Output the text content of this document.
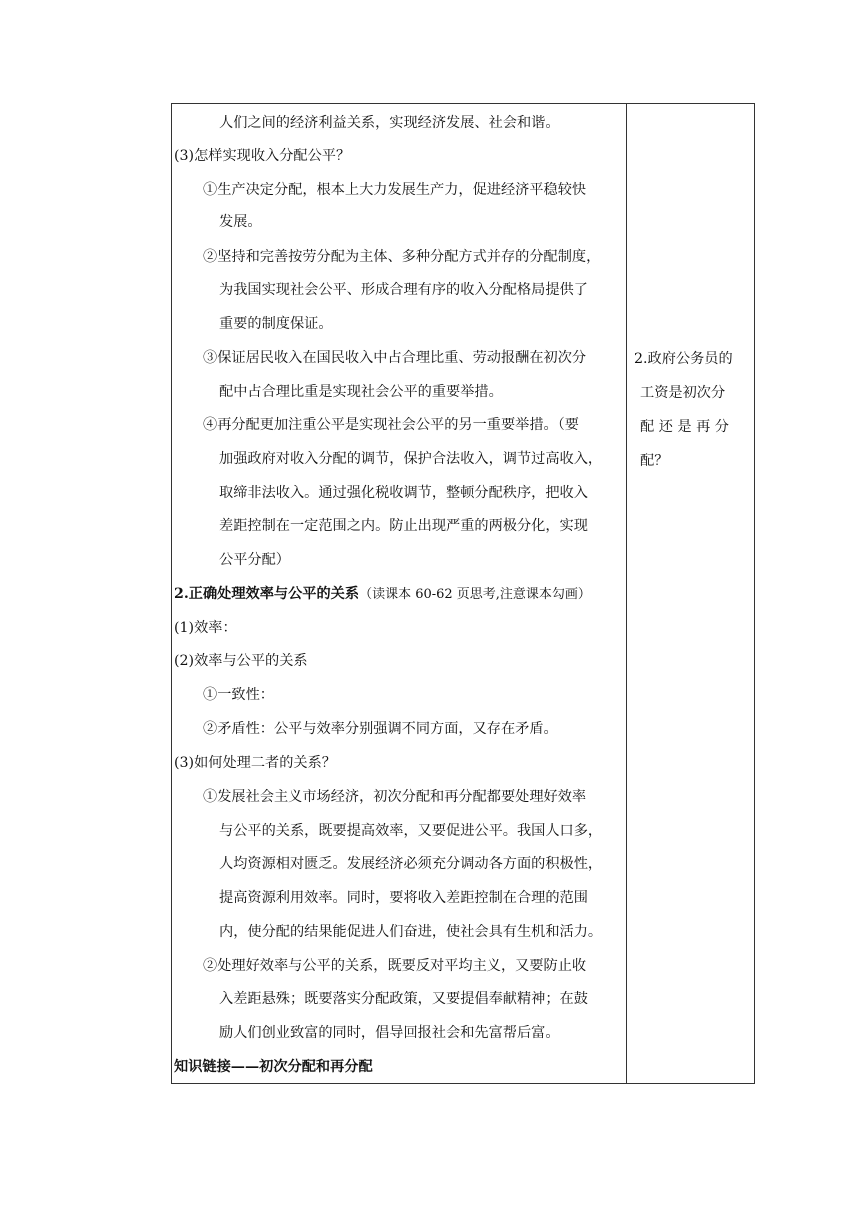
2.正确处理效率与公平的关系（读课本 60-62 页思考,注意课本勾画）
知识链接——初次分配和再分配
人们之间的经济利益关系，实现经济发展、社会和谐。
(3)怎样实现收入分配公平？
①生产决定分配，根本上大力发展生产力，促进经济平稳较快
发展。
②坚持和完善按劳分配为主体、多种分配方式并存的分配制度，
为我国实现社会公平、形成合理有序的收入分配格局提供了
重要的制度保证。
③保证居民收入在国民收入中占合理比重、劳动报酬在初次分
配中占合理比重是实现社会公平的重要举措。
④再分配更加注重公平是实现社会公平的另一重要举措。（要
加强政府对收入分配的调节，保护合法收入，调节过高收入，
取缔非法收入。通过强化税收调节，整顿分配秩序，把收入
差距控制在一定范围之内。防止出现严重的两极分化，实现
公平分配）
(1)效率：
(2)效率与公平的关系
①一致性：
②矛盾性：公平与效率分别强调不同方面，又存在矛盾。
(3)如何处理二者的关系？
①发展社会主义市场经济，初次分配和再分配都要处理好效率
与公平的关系，既要提高效率，又要促进公平。我国人口多，
人均资源相对匮乏。发展经济必须充分调动各方面的积极性，
提高资源利用效率。同时，要将收入差距控制在合理的范围
内，使分配的结果能促进人们奋进，使社会具有生机和活力。
②处理好效率与公平的关系，既要反对平均主义，又要防止收
入差距悬殊；既要落实分配政策，又要提倡奉献精神；在鼓
励人们创业致富的同时，倡导回报社会和先富帮后富。
2.政府公务员的
工资是初次分
配 还 是 再 分
配？
